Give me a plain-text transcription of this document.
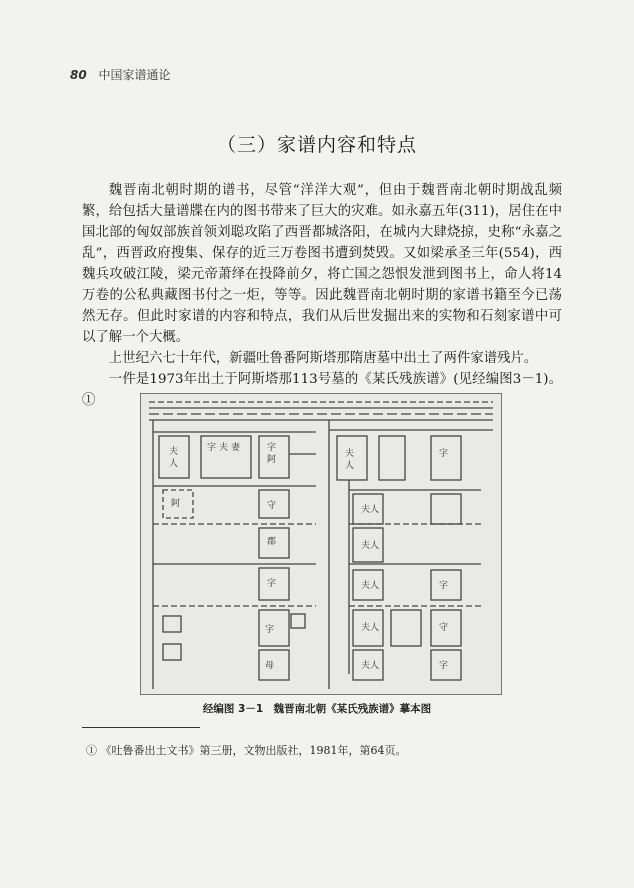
80 中国家谱通论
（三）家谱内容和特点

魏晋南北朝时期的谱书，尽管“洋洋大观”，但由于魏晋南北朝时期战乱频繁，给包括大量谱牒在内的图书带来了巨大的灾难。如永嘉五年(311)，居住在中国北部的匈奴部族首领刘聪攻陷了西晋都城洛阳，在城内大肆烧掠，史称“永嘉之乱”，西晋政府搜集、保存的近三万卷图书遭到焚毁。又如梁承圣三年(554)，西魏兵攻破江陵，梁元帝萧绎在投降前夕，将亡国之怨恨发泄到图书上，命人将14万卷的公私典藏图书付之一炬，等等。因此魏晋南北朝时期的家谱书籍至今已荡然无存。但此时家谱的内容和特点，我们从后世发掘出来的实物和石刻家谱中可以了解一个大概。

上世纪六七十年代，新疆吐鲁番阿斯塔那隋唐墓中出土了两件家谱残片。

一件是1973年出土于阿斯塔那113号墓的《某氏残族谱》(见经编图3－1)。①

夫
人
字 夫 妻	字
阿
阿	守
郡
字
字
母
夫
人
字
夫人
夫人
夫人
夫人
夫人
字
守
字
经编图 3－1　魏晋南北朝《某氏残族谱》摹本图
① 《吐鲁番出土文书》第三册，文物出版社，1981年，第64页。
